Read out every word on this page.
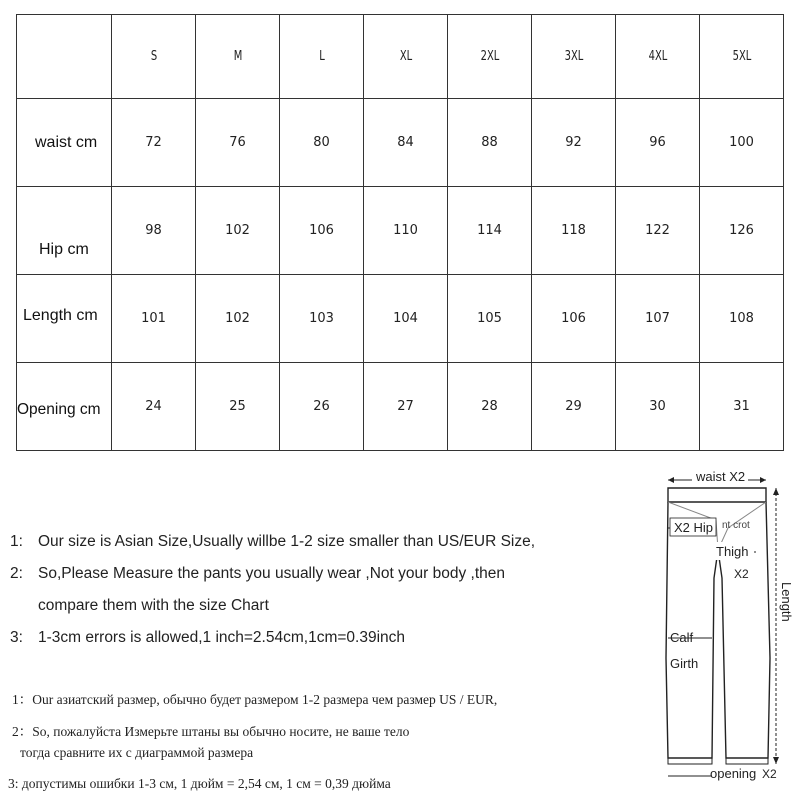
	S	M	L	XL	2XL	3XL	4XL	5XL
waist cm	72	76	80	84	88	92	96	100
Hip cm	98	102	106	110	114	118	122	126
Length cm	101	102	103	104	105	106	107	108
Opening cm	24	25	26	27	28	29	30	31
1: Our size is Asian Size,Usually willbe 1-2 size smaller than US/EUR Size,
2: So,Please Measure the pants you usually wear ,Not your body ,then
compare them with the size Chart
3: 1-3cm errors is allowed,1 inch=2.54cm,1cm=0.39inch
1：Our азиатский размер, обычно будет размером 1-2 размера чем размер US / EUR,
2：So, пожалуйста Измерьте штаны вы обычно носите, не ваше тело
тогда сравните их с диаграммой размера
3: допустимы ошибки 1-3 см, 1 дюйм = 2,54 см, 1 см = 0,39 дюйма
waist X2
X2 Hip nt crot
Thigh
X2
Length
Calf
Girth
opening X2
